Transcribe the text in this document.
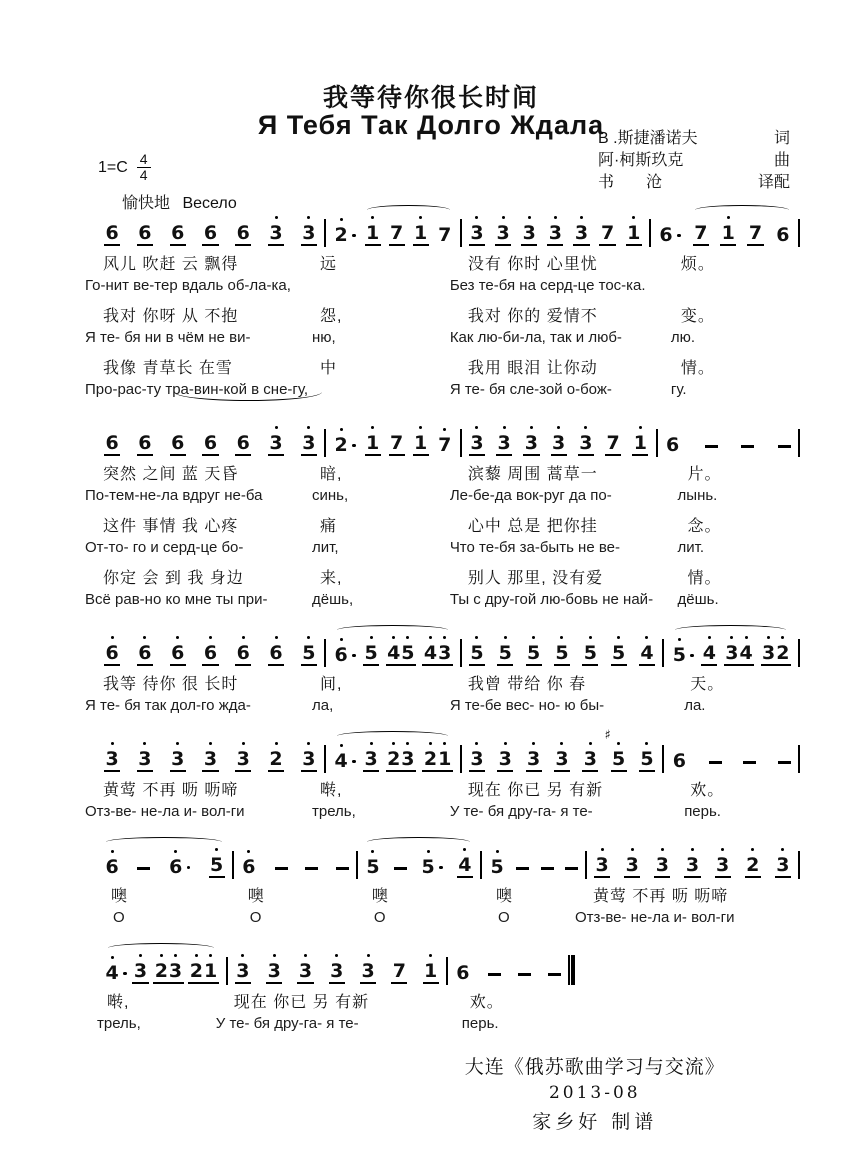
我等待你很长时间
Я Тебя Так Долго Ждала
В .斯捷潘诺夫	词
阿·柯斯玖克	曲
书　　沧	译配
$1=C \frac{4}{4}$
愉快地 Весело
6 6 6 6 6 3 3 2 1 7 1 7 3 3 3 3 3 7 1 6 7 1 7 6
风儿 吹赶 云 飘得	远	没有 你时 心里忧	烦。
Го-нит ве-тер вдаль об-ла-ка,	Без те-бя на серд-це тос-ка.
我对 你呀 从 不抱	怨,	我对 你的 爱情不	变。
Я те- бя ни в чём не ви-	ню,	Как лю-би-ла, так и люб-	лю.
我像 青草长 在雪	中	我用 眼泪 让你动	情。
Про-рас-ту тра-вин-кой в сне-гу,	Я те- бя сле-зой о-бож-	гу.
6 6 6 6 6 3 3 2 1 7 1 7 3 3 3 3 3 7 1 6
突然 之间 蓝 天昏	暗,	滨藜 周围 蒿草一	片。
По-тем-не-ла вдруг не-ба	синь,	Ле-бе-да вок-руг да по-	лынь.
这件 事情 我 心疼	痛	心中 总是 把你挂	念。
От-то- го и серд-це бо-	лит,	Что те-бя за-быть не ве-	лит.
你定 会 到 我 身边	来,	别人 那里, 没有爱	情。
Всё рав-но ко мне ты при-	дёшь,	Ты с дру-гой лю-бовь не най- дёшь.
6 6 6 6 6 6 5 6 5 4 5 4 3 5 5 5 5 5 5 4 5 4 3 4 3 2
我等 待你 很 长时	间,	我曾 带给 你 春	天。
Я те- бя так дол-го жда-	ла,	Я те-бе вес- но- ю бы-	ла.
3 3 3 3 3 2 3 4 3 2 3 2 1 3 3 3 3 3 5
♯
5 6
黄莺 不再 呖 呖啼	啭,	现在 你已 另 有新	欢。
Отз-ве- не-ла и- вол-ги	трель,	У те- бя дру-га- я те-	перь.
6	6 5 6	5 5 4 5	3 3 3 3 3 2 3
噢	噢	噢	噢	黄莺 不再 呖 呖啼
О	О	О	О	Отз-ве- не-ла и- вол-ги
4 3 2 3 2 1 3 3 3 3 3 7 1 6
啭,	现在 你已 另 有新	欢。
трель,	У те- бя дру-га- я те-	перь.
大连《俄苏歌曲学习与交流》
2013-08
家乡好 制谱
